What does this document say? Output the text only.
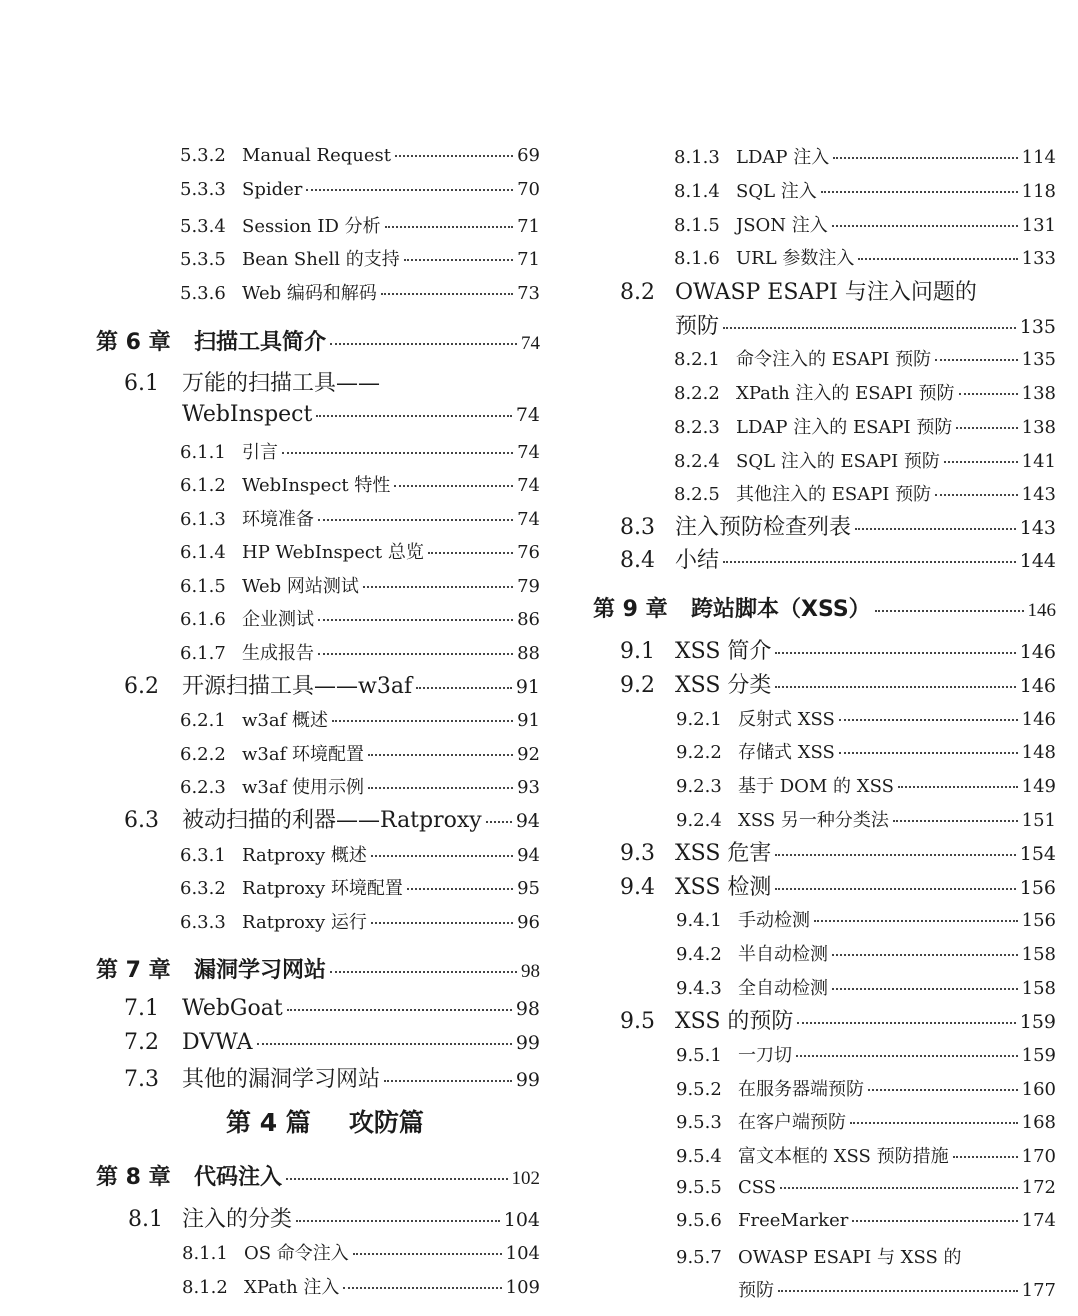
5.3.2 Manual Request	69
5.3.3 Spider	70
5.3.4 Session ID 分析	71
5.3.5 Bean Shell 的支持	71
5.3.6 Web 编码和解码	73
第 6 章	扫描工具简介	74
6.1	万能的扫描工具——
WebInspect	74
6.1.1 引言	74
6.1.2 WebInspect 特性	74
6.1.3 环境准备	74
6.1.4 HP WebInspect 总览	76
6.1.5 Web 网站测试	79
6.1.6 企业测试	86
6.1.7 生成报告	88
6.2	开源扫描工具——w3af	91
6.2.1 w3af 概述	91
6.2.2 w3af 环境配置	92
6.2.3 w3af 使用示例	93
6.3	被动扫描的利器——Ratproxy 94
6.3.1 Ratproxy 概述	94
6.3.2 Ratproxy 环境配置	95
6.3.3 Ratproxy 运行	96
第 7 章	漏洞学习网站	98
7.1	WebGoat	98
7.2	DVWA	99
7.3	其他的漏洞学习网站	99
第 4 篇 攻防篇
第 8 章	代码注入	102
8.1 注入的分类	104
8.1.1 OS 命令注入	104
8.1.2 XPath 注入	109
8.1.3 LDAP 注入	114
8.1.4 SQL 注入	118
8.1.5 JSON 注入	131
8.1.6 URL 参数注入	133
8.2 OWASP ESAPI 与注入问题的
预防	135
8.2.1 命令注入的 ESAPI 预防	135
8.2.2 XPath 注入的 ESAPI 预防	138
8.2.3 LDAP 注入的 ESAPI 预防	138
8.2.4 SQL 注入的 ESAPI 预防	141
8.2.5 其他注入的 ESAPI 预防	143
8.3 注入预防检查列表	143
8.4 小结	144
第 9 章	跨站脚本（XSS）	146
9.1 XSS 简介	146
9.2 XSS 分类	146
9.2.1 反射式 XSS	146
9.2.2 存储式 XSS	148
9.2.3 基于 DOM 的 XSS	149
9.2.4 XSS 另一种分类法	151
9.3 XSS 危害	154
9.4 XSS 检测	156
9.4.1 手动检测	156
9.4.2 半自动检测	158
9.4.3 全自动检测	158
9.5 XSS 的预防	159
9.5.1 一刀切	159
9.5.2 在服务器端预防	160
9.5.3 在客户端预防	168
9.5.4 富文本框的 XSS 预防措施	170
9.5.5 CSS	172
9.5.6 FreeMarker	174
9.5.7 OWASP ESAPI 与 XSS 的
预防	177
